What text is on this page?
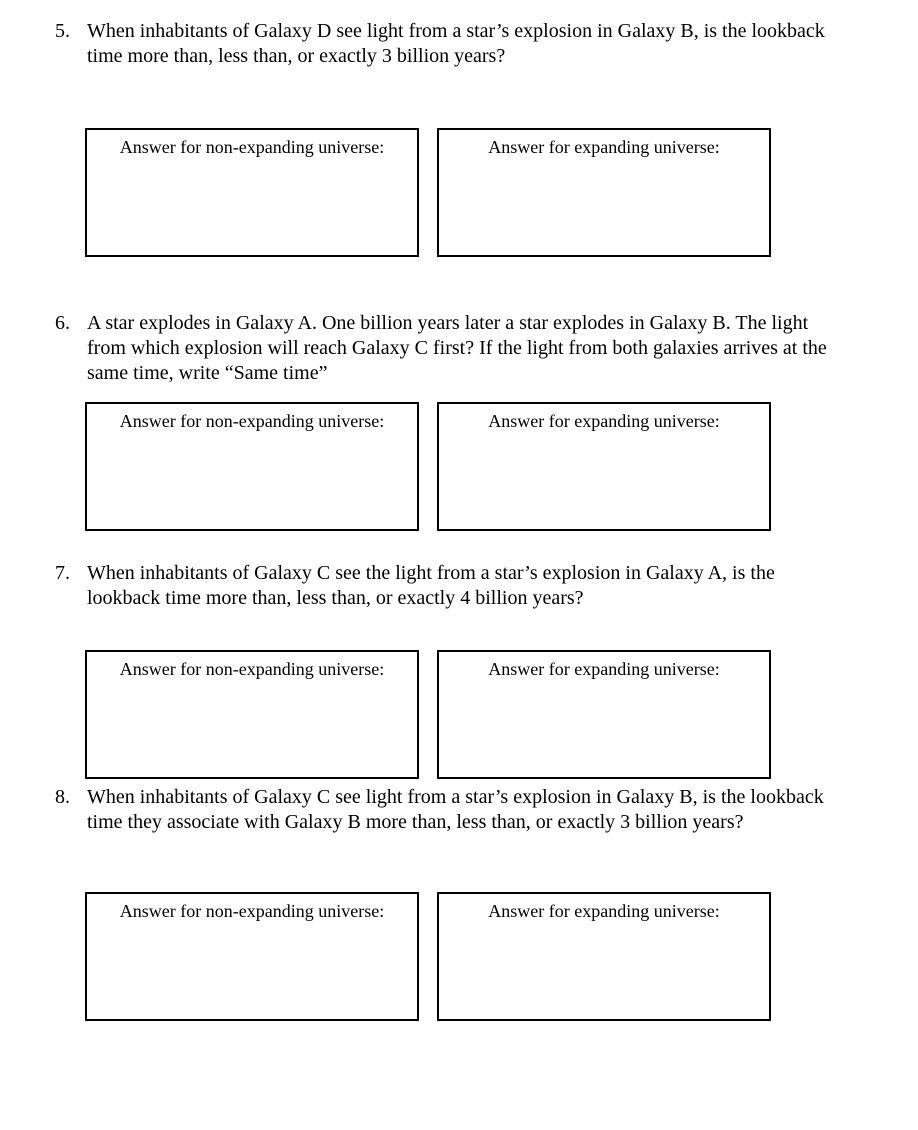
5. When inhabitants of Galaxy D see light from a star’s explosion in Galaxy B, is the lookback time more than, less than, or exactly 3 billion years?
Answer for non-expanding universe:	Answer for expanding universe:
6. A star explodes in Galaxy A. One billion years later a star explodes in Galaxy B. The light from which explosion will reach Galaxy C first? If the light from both galaxies arrives at the same time, write “Same time”
Answer for non-expanding universe:	Answer for expanding universe:
7. When inhabitants of Galaxy C see the light from a star’s explosion in Galaxy A, is the lookback time more than, less than, or exactly 4 billion years?
Answer for non-expanding universe:	Answer for expanding universe:
8. When inhabitants of Galaxy C see light from a star’s explosion in Galaxy B, is the lookback time they associate with Galaxy B more than, less than, or exactly 3 billion years?
Answer for non-expanding universe:	Answer for expanding universe:
